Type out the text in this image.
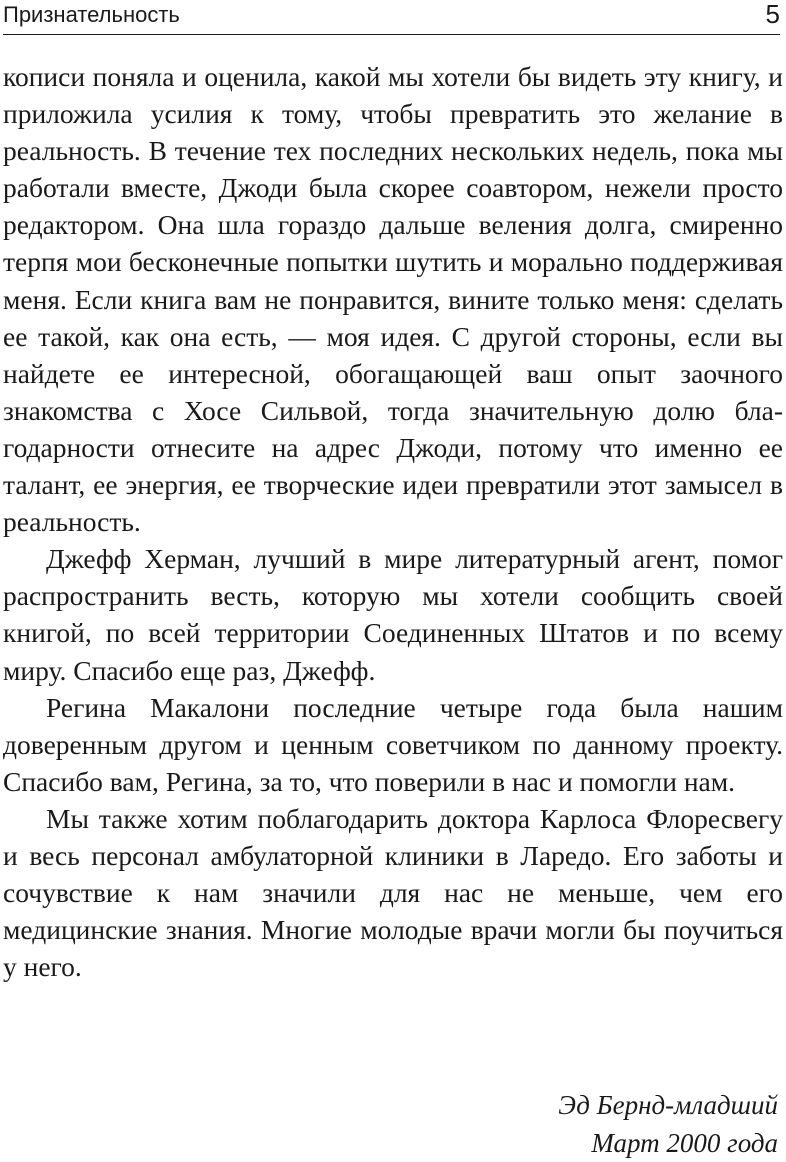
Признательность	5

кописи поняла и оценила, какой мы хотели бы видеть эту книгу, и приложила усилия к тому, чтобы превратить это желание в реальность. В течение тех последних нескольких недель, пока мы работали вместе, Джоди была скорее соавтором, нежели просто редактором. Она шла гораздо дальше веления долга, смиренно терпя мои бесконечные попытки шутить и морально поддерживая меня. Если книга вам не понравится, вините только меня: сделать ее такой, как она есть, — моя идея. С другой стороны, если вы найдете ее интересной, обогащающей ваш опыт заочного знакомства с Хосе Сильвой, тогда значительную долю благодарности отнесите на адрес Джоди, потому что именно ее талант, ее энергия, ее творческие идеи превратили этот замысел в реальность.

Джефф Херман, лучший в мире литературный агент, помог распространить весть, которую мы хотели сообщить своей книгой, по всей территории Соединенных Штатов и по всему миру. Спасибо еще раз, Джефф.

Регина Макалони последние четыре года была нашим доверенным другом и ценным советчиком по данному проекту. Спасибо вам, Регина, за то, что поверили в нас и помогли нам.

Мы также хотим поблагодарить доктора Карлоса Флоресвегу и весь персонал амбулаторной клиники в Ларедо. Его заботы и сочувствие к нам значили для нас не меньше, чем его медицинские знания. Многие молодые врачи могли бы поучиться у него.

Эд Бернд-младший
Март 2000 года
